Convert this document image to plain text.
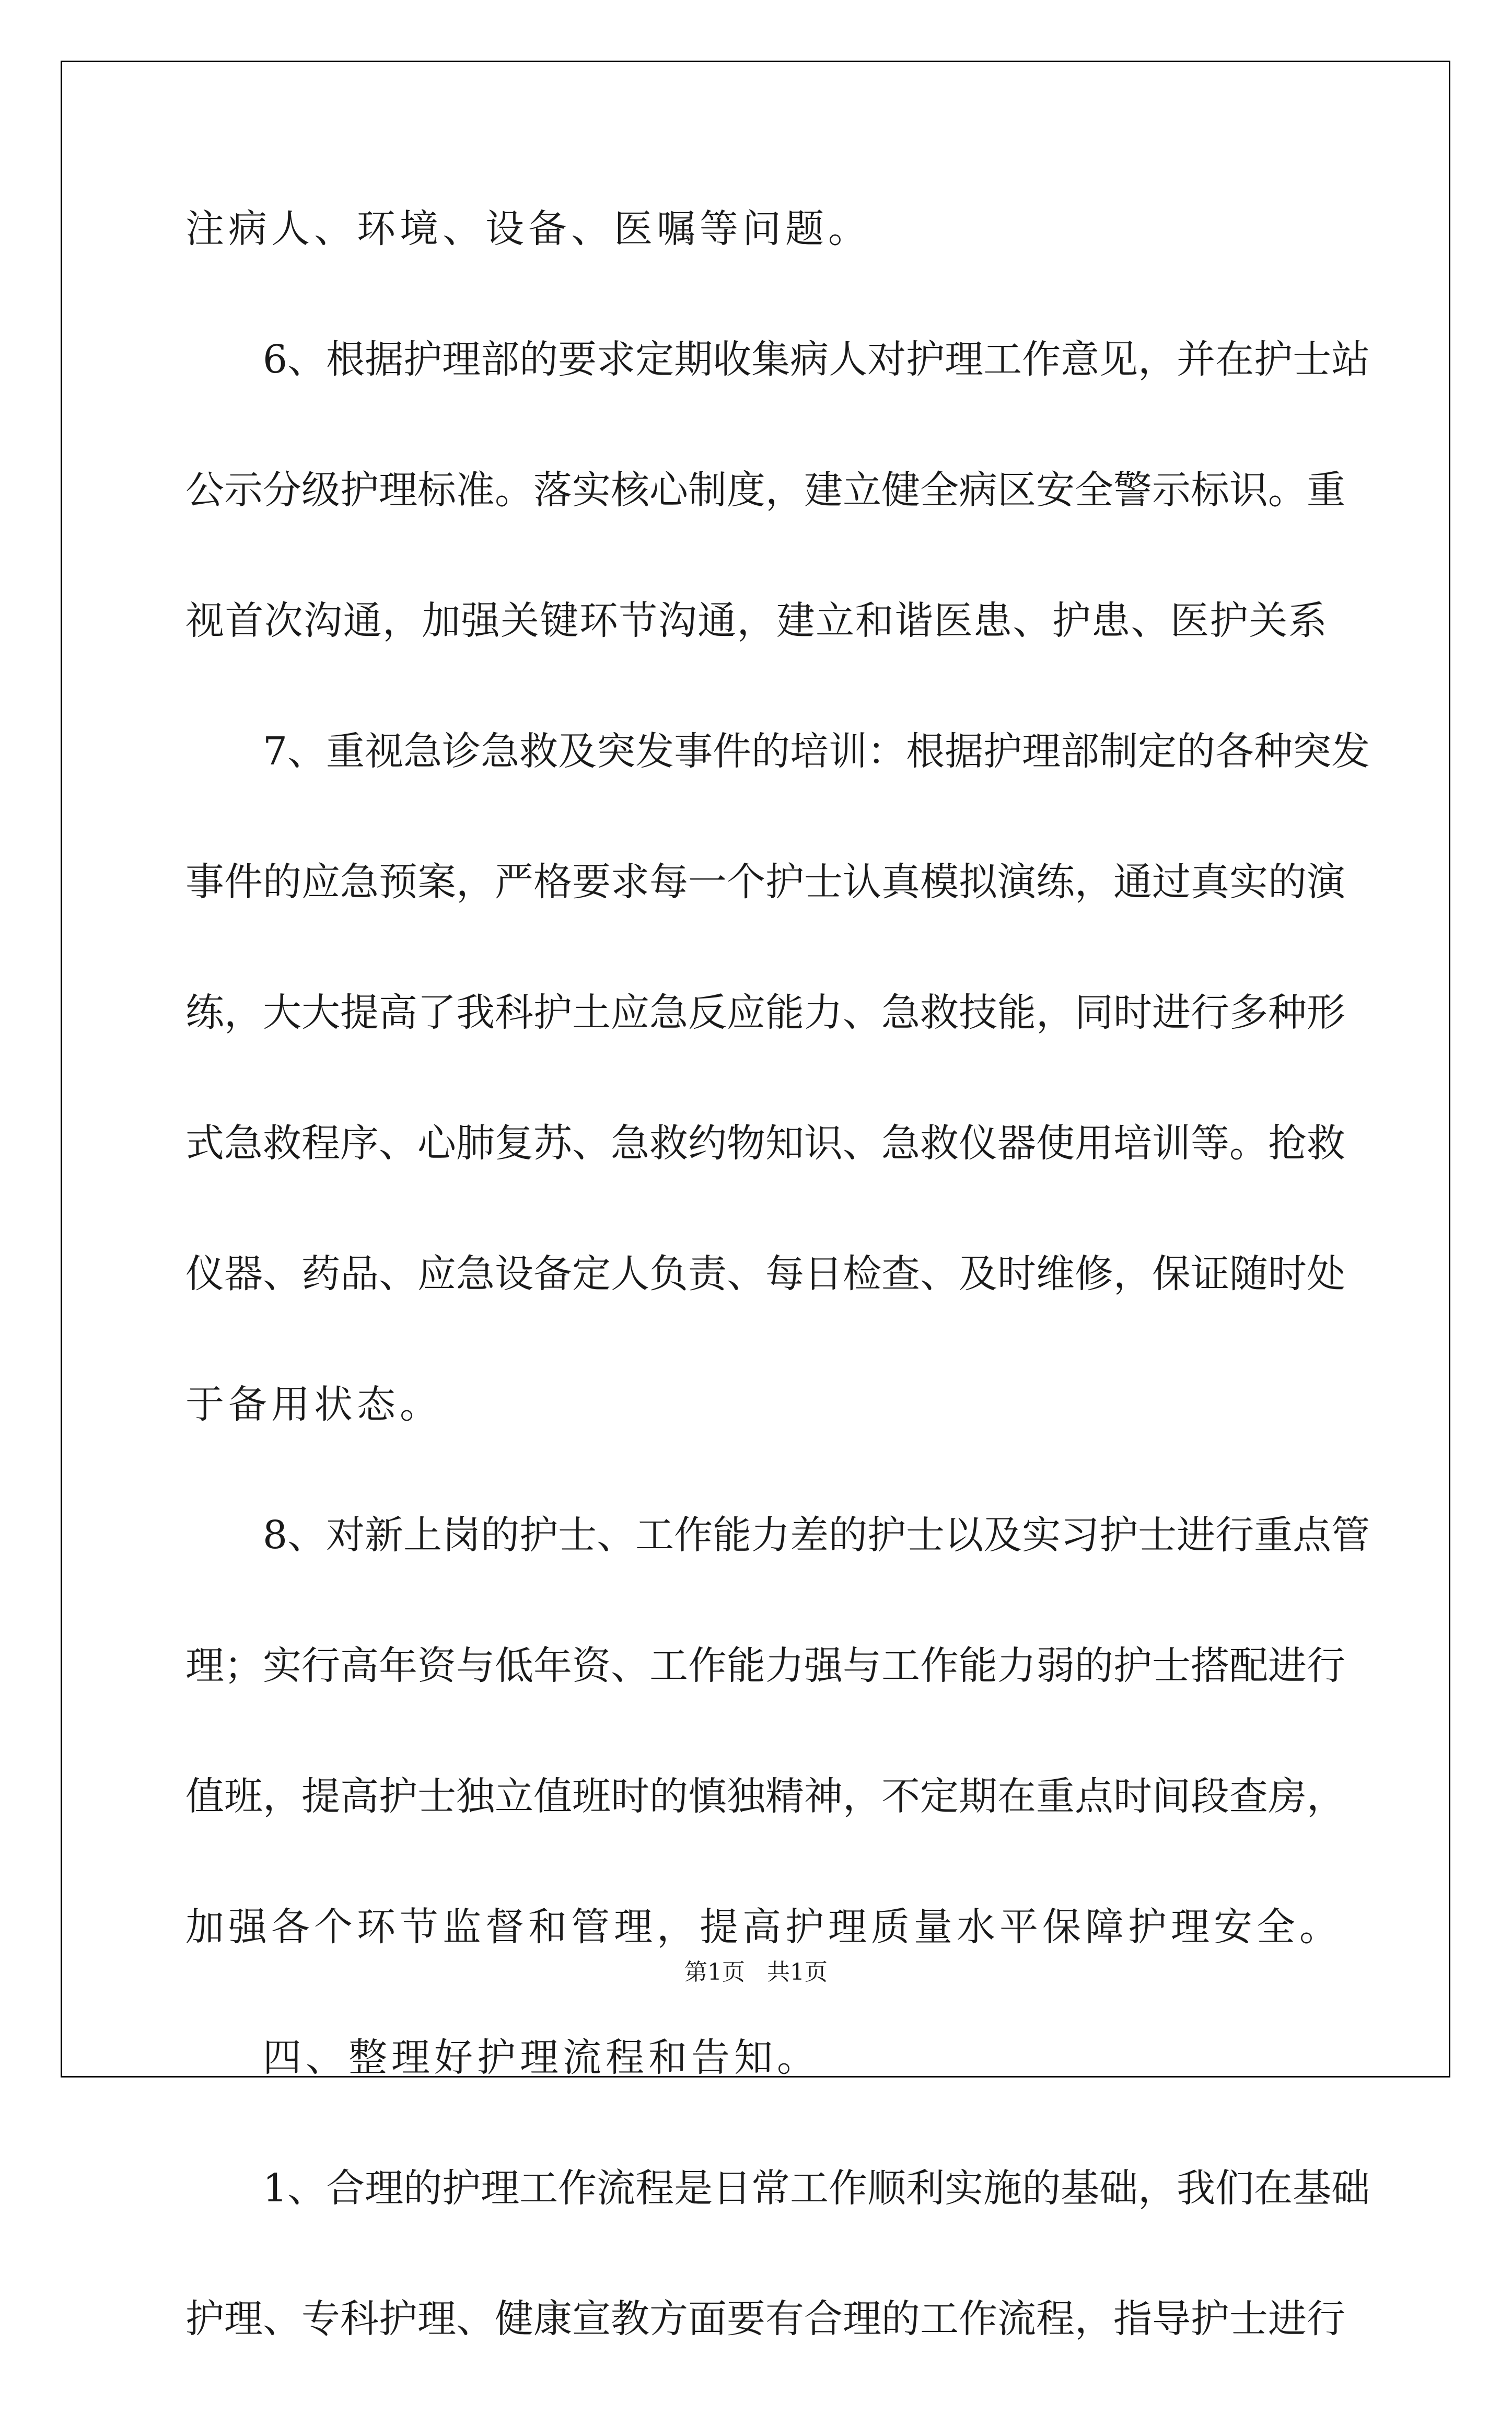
注病人、环境、设备、医嘱等问题。
6、根据护理部的要求定期收集病人对护理工作意见，并在护士站
公示分级护理标准。落实核心制度，建立健全病区安全警示标识。重
视首次沟通，加强关键环节沟通，建立和谐医患、护患、医护关系
7、重视急诊急救及突发事件的培训：根据护理部制定的各种突发
事件的应急预案，严格要求每一个护士认真模拟演练，通过真实的演
练，大大提高了我科护土应急反应能力、急救技能，同时进行多种形
式急救程序、心肺复苏、急救约物知识、急救仪器使用培训等。抢救
仪器、药品、应急设备定人负责、每日检查、及时维修，保证随时处
于备用状态。
8、对新上岗的护士、工作能力差的护士以及实习护士进行重点管
理；实行高年资与低年资、工作能力强与工作能力弱的护士搭配进行
值班，提高护士独立值班时的慎独精神，不定期在重点时间段查房，
加强各个环节监督和管理，提高护理质量水平保障护理安全。
四、整理好护理流程和告知。
1、合理的护理工作流程是日常工作顺利实施的基础，我们在基础
护理、专科护理、健康宣教方面要有合理的工作流程，指导护士进行
第1页   共1页
